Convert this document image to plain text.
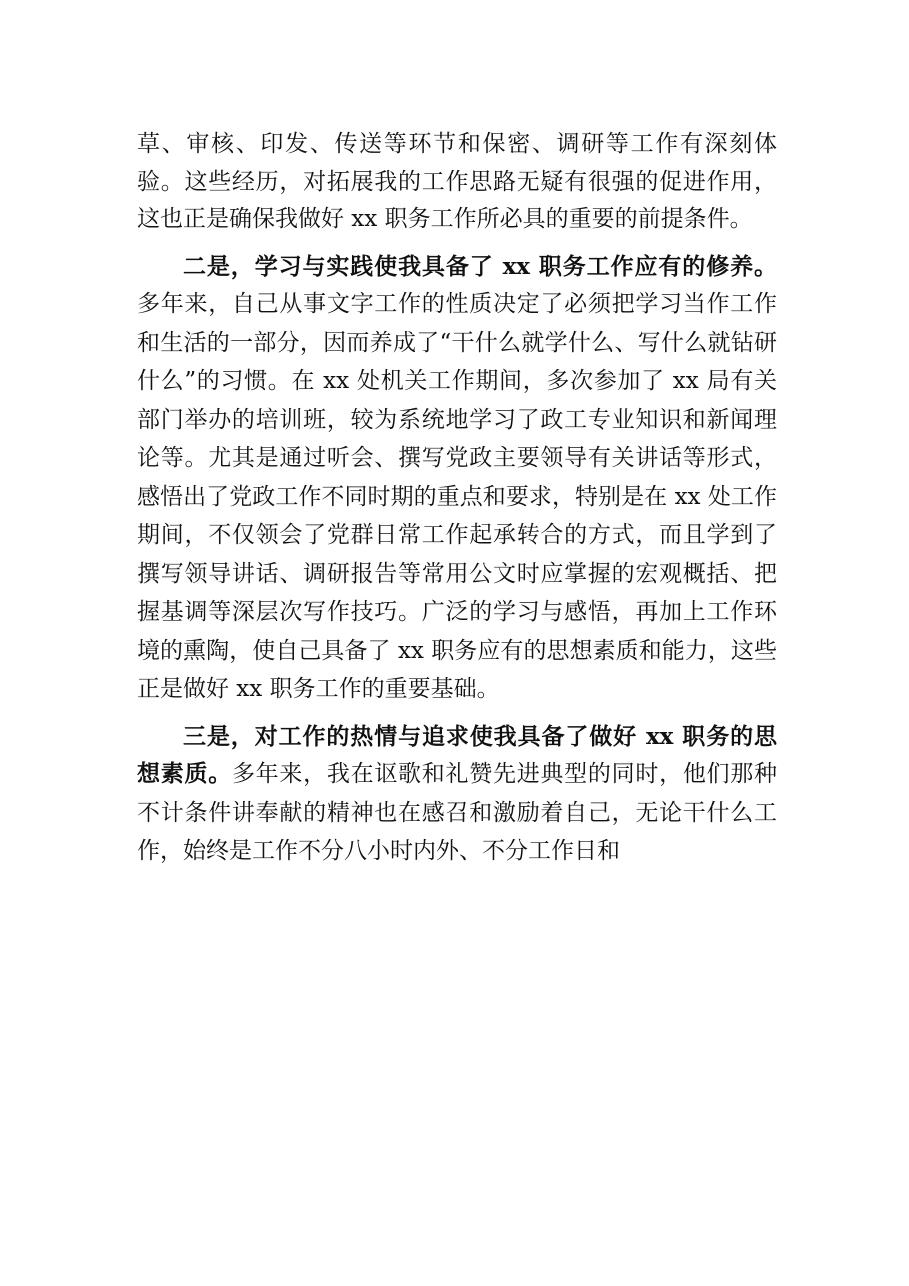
草、审核、印发、传送等环节和保密、调研等工作有深刻体验。这些经历，对拓展我的工作思路无疑有很强的促进作用，这也正是确保我做好 xx 职务工作所必具的重要的前提条件。

二是，学习与实践使我具备了 xx 职务工作应有的修养。多年来，自己从事文字工作的性质决定了必须把学习当作工作和生活的一部分，因而养成了“干什么就学什么、写什么就钻研什么”的习惯。在 xx 处机关工作期间，多次参加了 xx 局有关部门举办的培训班，较为系统地学习了政工专业知识和新闻理论等。尤其是通过听会、撰写党政主要领导有关讲话等形式，感悟出了党政工作不同时期的重点和要求，特别是在 xx 处工作期间，不仅领会了党群日常工作起承转合的方式，而且学到了撰写领导讲话、调研报告等常用公文时应掌握的宏观概括、把握基调等深层次写作技巧。广泛的学习与感悟，再加上工作环境的熏陶，使自己具备了 xx 职务应有的思想素质和能力，这些正是做好 xx 职务工作的重要基础。

三是，对工作的热情与追求使我具备了做好 xx 职务的思想素质。多年来，我在讴歌和礼赞先进典型的同时，他们那种不计条件讲奉献的精神也在感召和激励着自己，无论干什么工作，始终是工作不分八小时内外、不分工作日和
